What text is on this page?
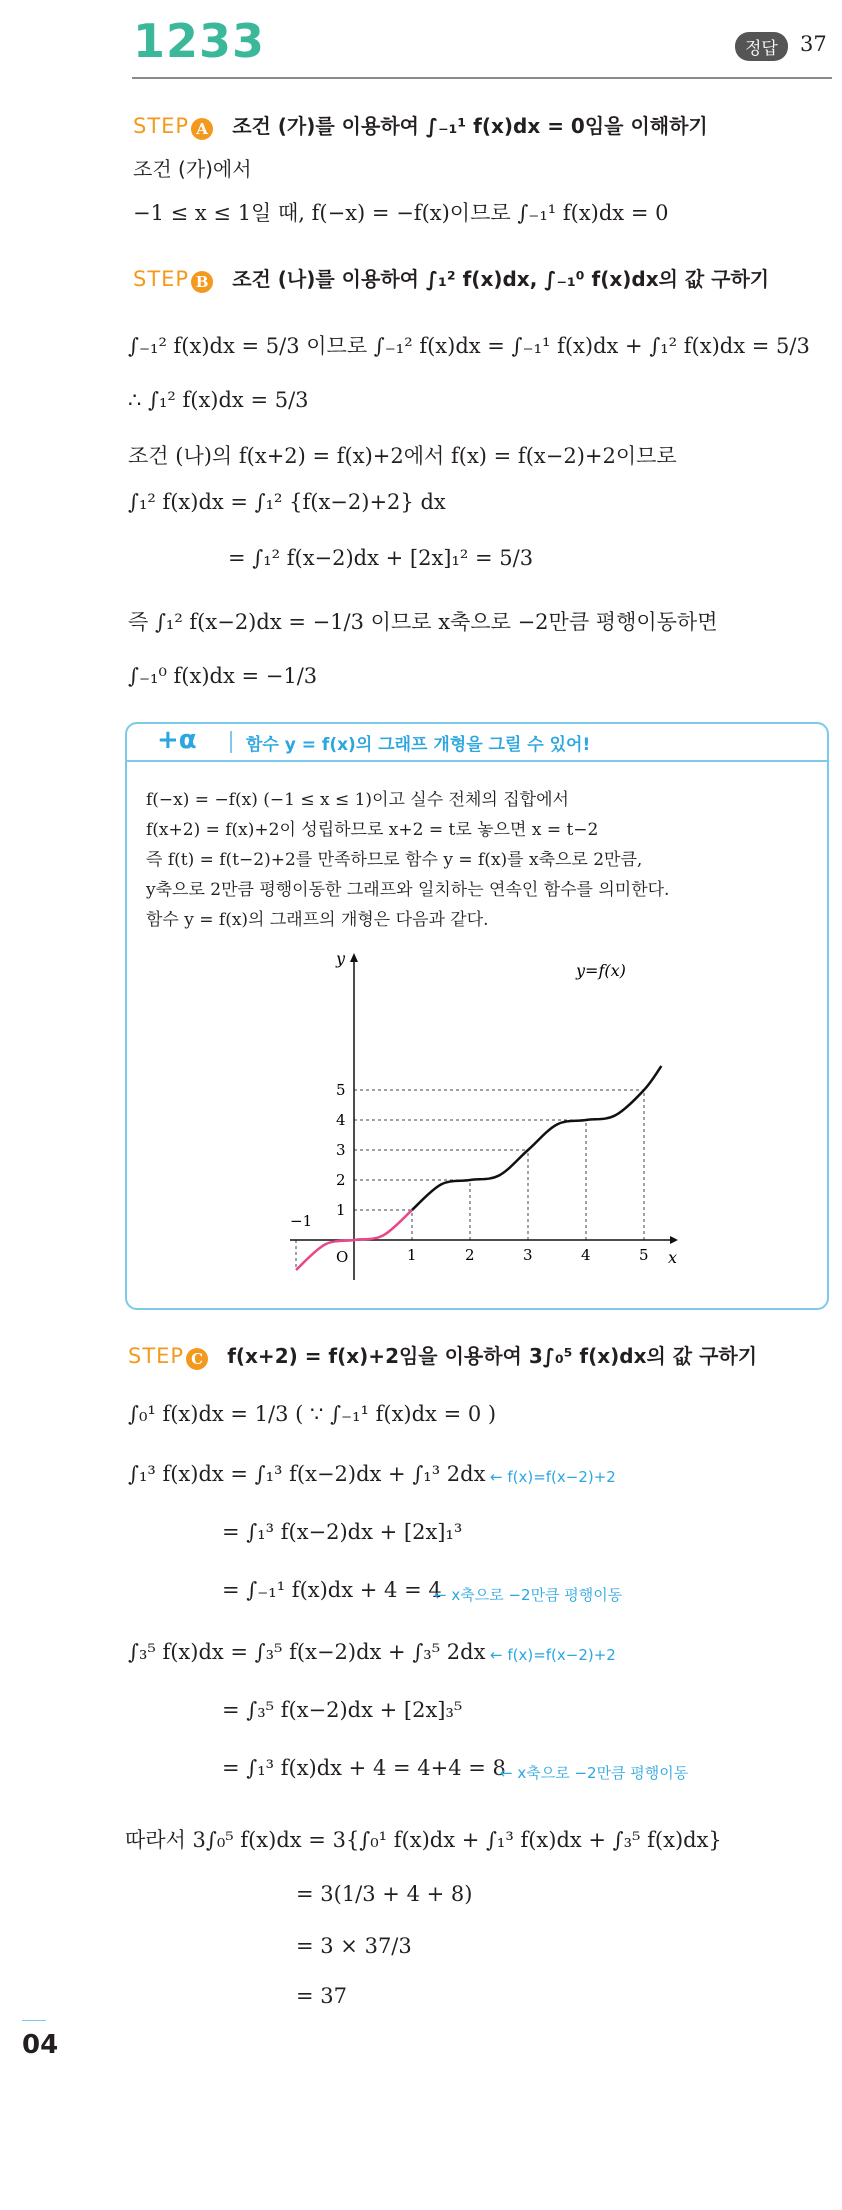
1233	정답	37
STEP A 조건 (가)를 이용하여 ∫₋₁¹ f(x)dx = 0임을 이해하기
조건 (가)에서
−1 ≤ x ≤ 1일 때, f(−x) = −f(x)이므로 ∫₋₁¹ f(x)dx = 0
STEP B 조건 (나)를 이용하여 ∫₁² f(x)dx, ∫₋₁⁰ f(x)dx의 값 구하기
∫₋₁² f(x)dx = 5/3 이므로 ∫₋₁² f(x)dx = ∫₋₁¹ f(x)dx + ∫₁² f(x)dx = 5/3
∴ ∫₁² f(x)dx = 5/3
조건 (나)의 f(x+2) = f(x)+2에서 f(x) = f(x−2)+2이므로
∫₁² f(x)dx = ∫₁² {f(x−2)+2} dx
= ∫₁² f(x−2)dx + [2x]₁² = 5/3
즉 ∫₁² f(x−2)dx = −1/3 이므로 x축으로 −2만큼 평행이동하면
∫₋₁⁰ f(x)dx = −1/3
+α	함수 y = f(x)의 그래프 개형을 그릴 수 있어!
f(−x) = −f(x) (−1 ≤ x ≤ 1)이고 실수 전체의 집합에서
f(x+2) = f(x)+2이 성립하므로 x+2 = t로 놓으면 x = t−2
즉 f(t) = f(t−2)+2를 만족하므로 함수 y = f(x)를 x축으로 2만큼,
y축으로 2만큼 평행이동한 그래프와 일치하는 연속인 함수를 의미한다.
함수 y = f(x)의 그래프의 개형은 다음과 같다.
1	2	3	4	5
1
2
3
4
5
x
y
O
−1
y=f(x)
STEP C f(x+2) = f(x)+2임을 이용하여 3∫₀⁵ f(x)dx의 값 구하기
∫₀¹ f(x)dx = 1/3 ( ∵ ∫₋₁¹ f(x)dx = 0 )
∫₁³ f(x)dx = ∫₁³ f(x−2)dx + ∫₁³ 2dx ← f(x)=f(x−2)+2
= ∫₁³ f(x−2)dx + [2x]₁³
= ∫₋₁¹ f(x)dx + 4 = 4
← x축으로 −2만큼 평행이동
∫₃⁵ f(x)dx = ∫₃⁵ f(x−2)dx + ∫₃⁵ 2dx ← f(x)=f(x−2)+2
= ∫₃⁵ f(x−2)dx + [2x]₃⁵
= ∫₁³ f(x)dx + 4 = 4+4 = 8
← x축으로 −2만큼 평행이동
따라서 3∫₀⁵ f(x)dx = 3{∫₀¹ f(x)dx + ∫₁³ f(x)dx + ∫₃⁵ f(x)dx}
= 3(1/3 + 4 + 8)
= 3 × 37/3
= 37
04
